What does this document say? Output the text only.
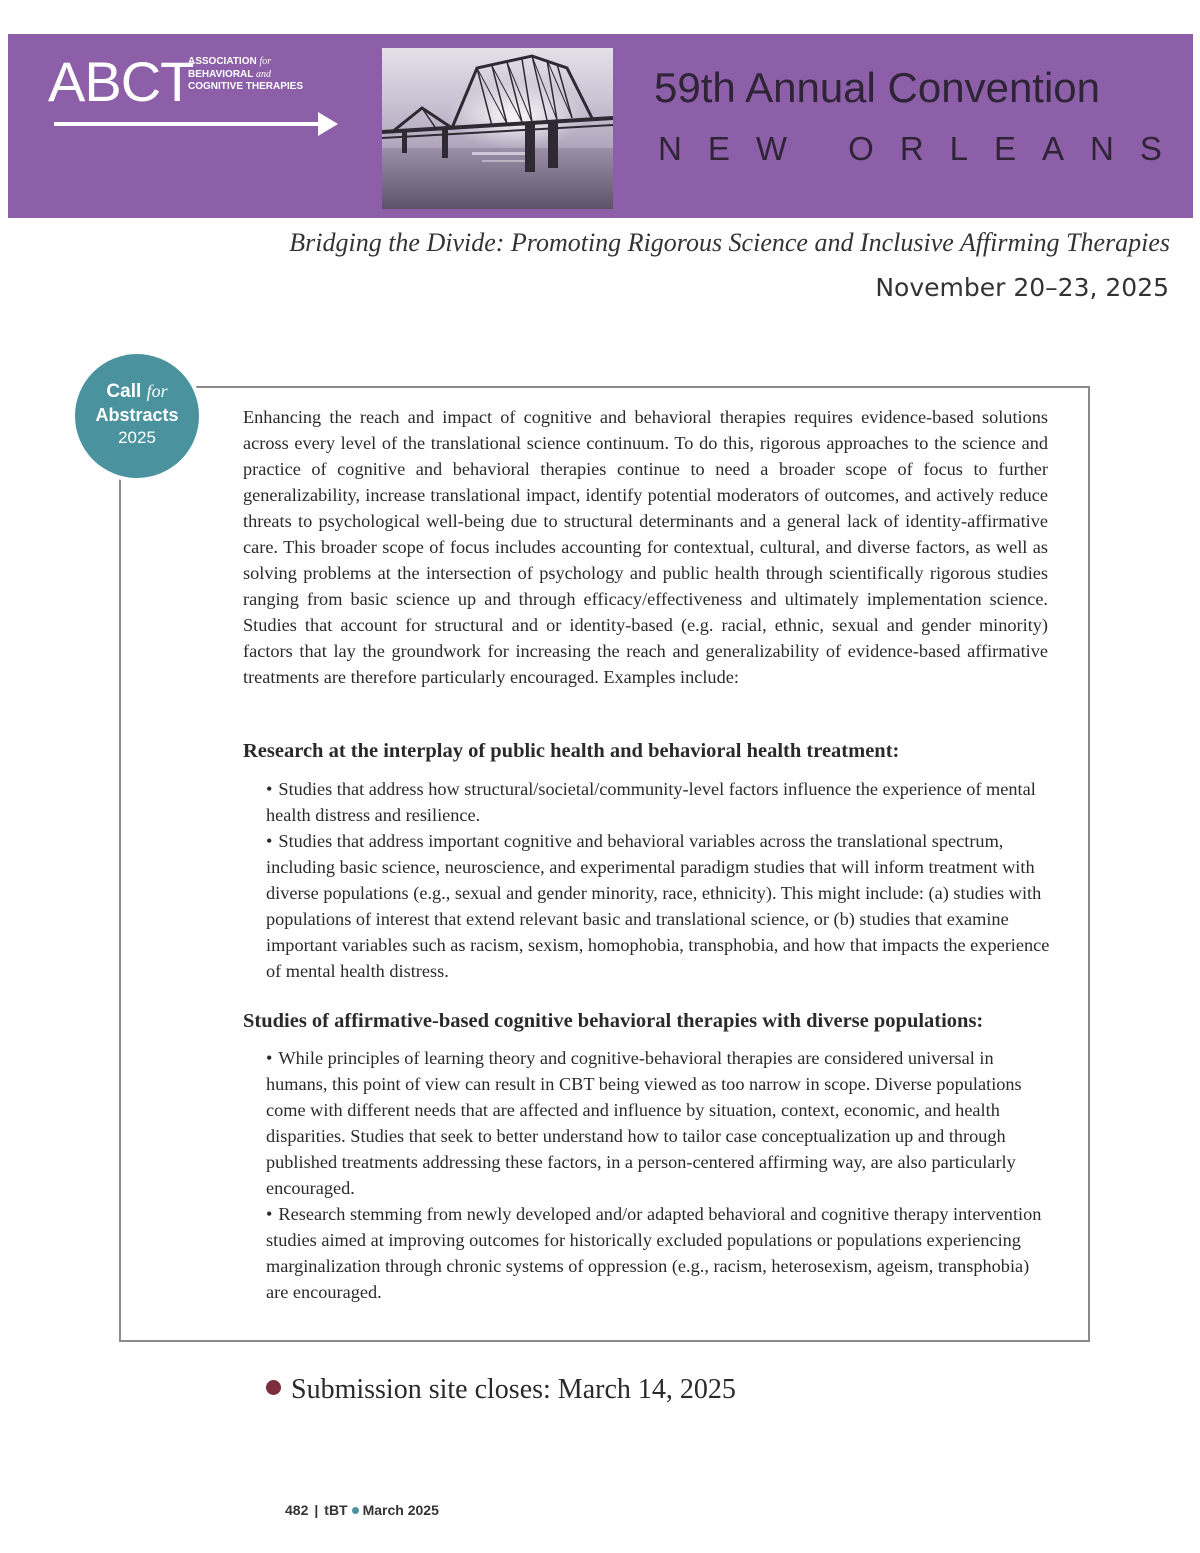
ABCT
ASSOCIATION for
BEHAVIORAL and
COGNITIVE THERAPIES	59th Annual Convention
NEW ORLEANS
Bridging the Divide: Promoting Rigorous Science and Inclusive Affirming Therapies
November 20–23, 2025
Call for
Abstracts
2025

Enhancing the reach and impact of cognitive and behavioral therapies requires evidence-based solutions across every level of the translational science continuum. To do this, rigorous approaches to the science and practice of cognitive and behavioral therapies continue to need a broader scope of focus to further generalizability, increase translational impact, identify potential moderators of outcomes, and actively reduce threats to psychological well-being due to structural determinants and a general lack of identity-affirmative care. This broader scope of focus includes accounting for contextual, cultural, and diverse factors, as well as solving problems at the intersection of psychology and public health through scientifically rigorous studies ranging from basic science up and through efficacy/effectiveness and ultimately implementation science. Studies that account for structural and or identity-based (e.g. racial, ethnic, sexual and gender minority) factors that lay the groundwork for increasing the reach and generalizability of evidence-based affirmative treatments are therefore particularly encouraged. Examples include:

Research at the interplay of public health and behavioral health treatment:

• Studies that address how structural/societal/community-level factors influence the experience of mental health distress and resilience.

• Studies that address important cognitive and behavioral variables across the translational spectrum, including basic science, neuroscience, and experimental paradigm studies that will inform treatment with diverse populations (e.g., sexual and gender minority, race, ethnicity). This might include: (a) studies with populations of interest that extend relevant basic and translational science, or (b) studies that examine important variables such as racism, sexism, homophobia, transphobia, and how that impacts the experience of mental health distress.

Studies of affirmative-based cognitive behavioral therapies with diverse populations:

• While principles of learning theory and cognitive-behavioral therapies are considered universal in humans, this point of view can result in CBT being viewed as too narrow in scope. Diverse populations come with different needs that are affected and influence by situation, context, economic, and health disparities. Studies that seek to better understand how to tailor case conceptualization up and through published treatments addressing these factors, in a person-centered affirming way, are also particularly encouraged.

• Research stemming from newly developed and/or adapted behavioral and cognitive therapy intervention studies aimed at improving outcomes for historically excluded populations or populations experiencing marginalization through chronic systems of oppression (e.g., racism, heterosexism, ageism, transphobia) are encouraged.

Submission site closes: March 14, 2025
482 | tBT March 2025
